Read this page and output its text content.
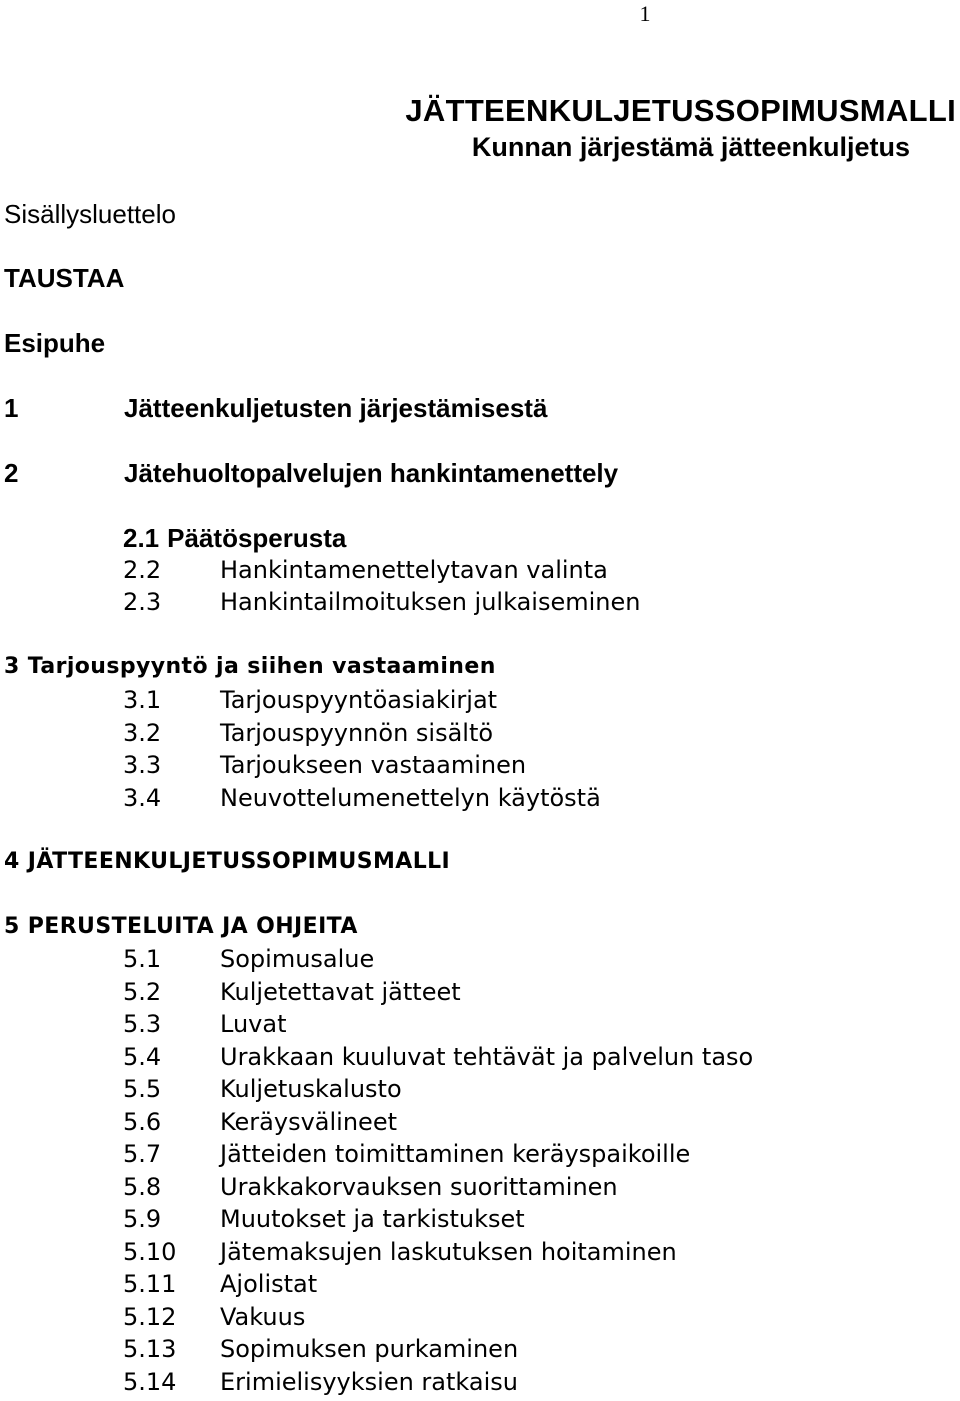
1
JÄTTEENKULJETUSSOPIMUSMALLI
Kunnan järjestämä jätteenkuljetus
Sisällysluettelo
TAUSTAA
Esipuhe
1	Jätteenkuljetusten järjestämisestä
2	Jätehuoltopalvelujen hankintamenettely
2.1 Päätösperusta
2.2 Hankintamenettelytavan valinta
2.3 Hankintailmoituksen julkaiseminen
3 Tarjouspyyntö ja siihen vastaaminen
3.1 Tarjouspyyntöasiakirjat
3.2 Tarjouspyynnön sisältö
3.3 Tarjoukseen vastaaminen
3.4 Neuvottelumenettelyn käytöstä
4 JÄTTEENKULJETUSSOPIMUSMALLI
5 PERUSTELUITA JA OHJEITA
5.1 Sopimusalue
5.2 Kuljetettavat jätteet
5.3 Luvat
5.4 Urakkaan kuuluvat tehtävät ja palvelun taso
5.5 Kuljetuskalusto
5.6 Keräysvälineet
5.7 Jätteiden toimittaminen keräyspaikoille
5.8 Urakkakorvauksen suorittaminen
5.9 Muutokset ja tarkistukset
5.10 Jätemaksujen laskutuksen hoitaminen
5.11 Ajolistat
5.12 Vakuus
5.13 Sopimuksen purkaminen
5.14 Erimielisyyksien ratkaisu
